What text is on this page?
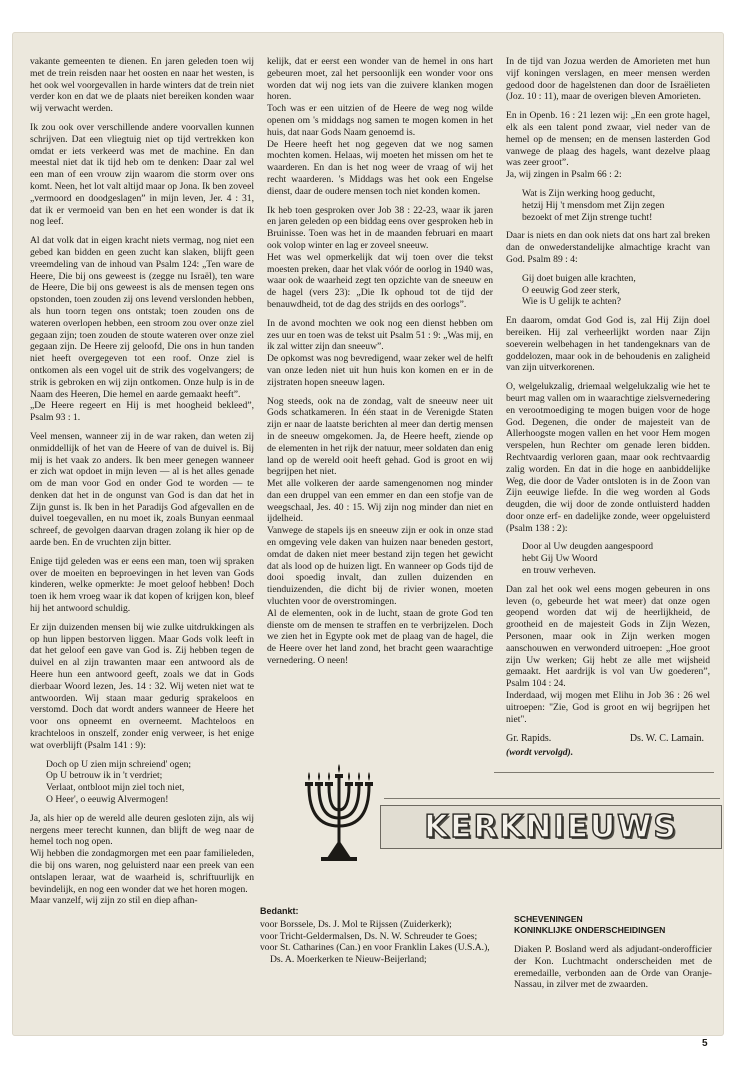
vakante gemeenten te dienen. En jaren geleden toen wij met de trein reisden naar het oosten en naar het westen, is het ook wel voorgevallen in harde winters dat de trein niet verder kon en dat we de plaats niet bereiken konden waar wij verwacht werden.

Ik zou ook over verschillende andere voorvallen kunnen schrijven. Dat een vliegtuig niet op tijd vertrekken kon omdat er iets verkeerd was met de machine. En dan meestal niet dat ik tijd heb om te denken: Daar zal wel een man of een vrouw zijn waarom die storm over ons komt. Neen, het lot valt altijd maar op Jona. Ik ben zoveel „vermoord en doodgeslagen” in mijn leven, Jer. 4 : 31, dat ik er vermoeid van ben en het een wonder is dat ik nog leef.

Al dat volk dat in eigen kracht niets vermag, nog niet een gebed kan bidden en geen zucht kan slaken, blijft geen vreemdeling van de inhoud van Psalm 124: „Ten ware de Heere, Die bij ons geweest is (zegge nu Israël), ten ware de Heere, Die bij ons geweest is als de mensen tegen ons opstonden, toen zouden zij ons levend verslonden hebben, als hun toorn tegen ons ontstak; toen zouden ons de wateren overlopen hebben, een stroom zou over onze ziel gegaan zijn; toen zouden de stoute wateren over onze ziel gegaan zijn. De Heere zij geloofd, Die ons in hun tanden niet heeft overgegeven tot een roof. Onze ziel is ontkomen als een vogel uit de strik des vogelvangers; de strik is gebroken en wij zijn ontkomen. Onze hulp is in de Naam des Heeren, Die hemel en aarde gemaakt heeft”.

„De Heere regeert en Hij is met hoogheid bekleed”, Psalm 93 : 1.

Veel mensen, wanneer zij in de war raken, dan weten zij onmiddellijk of het van de Heere of van de duivel is. Bij mij is het vaak zo anders. Ik ben meer genegen wanneer er zich wat opdoet in mijn leven — al is het alles genade om de man voor God en onder God te worden — te denken dat het in de ongunst van God is dan dat het in Zijn gunst is. Ik ben in het Paradijs God afgevallen en de duivel toegevallen, en nu moet ik, zoals Bunyan eenmaal schreef, de gevolgen daarvan dragen zolang ik hier op de aarde ben. En de vruchten zijn bitter.

Enige tijd geleden was er eens een man, toen wij spraken over de moeiten en beproevingen in het leven van Gods kinderen, welke opmerkte: Je moet geloof hebben! Doch toen ik hem vroeg waar ik dat kopen of krijgen kon, bleef hij het antwoord schuldig.

Er zijn duizenden mensen bij wie zulke uitdrukkingen als op hun lippen bestorven liggen. Maar Gods volk leeft in dat het geloof een gave van God is. Zij hebben tegen de duivel en al zijn trawanten maar een antwoord als de Heere hun een antwoord geeft, zoals we dat in Gods dierbaar Woord lezen, Jes. 14 : 32. Wij weten niet wat te antwoorden. Wij staan maar gedurig sprakeloos en verstomd. Doch dat wordt anders wanneer de Heere het voor ons opneemt en overneemt. Machteloos en krachteloos in onszelf, zonder enig verweer, is het enige wat overblijft (Psalm 141 : 9):

Doch op U zien mijn schreiend' ogen;
Op U betrouw ik in 't verdriet;
Verlaat, ontbloot mijn ziel toch niet,
O Heer', o eeuwig Alvermogen!

Ja, als hier op de wereld alle deuren gesloten zijn, als wij nergens meer terecht kunnen, dan blijft de weg naar de hemel toch nog open.

Wij hebben die zondagmorgen met een paar familieleden, die bij ons waren, nog geluisterd naar een preek van een ontslapen leraar, wat de waarheid is, schriftuurlijk en bevindelijk, en nog een wonder dat we het horen mogen.

Maar vanzelf, wij zijn zo stil en diep afhan-

kelijk, dat er eerst een wonder van de hemel in ons hart gebeuren moet, zal het persoonlijk een wonder voor ons worden dat wij nog iets van die zuivere klanken mogen horen.

Toch was er een uitzien of de Heere de weg nog wilde openen om 's middags nog samen te mogen komen in het huis, dat naar Gods Naam genoemd is.

De Heere heeft het nog gegeven dat we nog samen mochten komen. Helaas, wij moeten het missen om het te waarderen. En dan is het nog weer de vraag of wij het recht waarderen. 's Middags was het ook een Engelse dienst, daar de oudere mensen toch niet konden komen.

Ik heb toen gesproken over Job 38 : 22-23, waar ik jaren en jaren geleden op een biddag eens over gesproken heb in Bruinisse. Toen was het in de maanden februari en maart ook volop winter en lag er zoveel sneeuw.

Het was wel opmerkelijk dat wij toen over die tekst moesten preken, daar het vlak vóór de oorlog in 1940 was, waar ook de waarheid zegt ten opzichte van de sneeuw en de hagel (vers 23): „Die Ik ophoud tot de tijd der benauwdheid, tot de dag des strijds en des oorlogs”.

In de avond mochten we ook nog een dienst hebben om zes uur en toen was de tekst uit Psalm 51 : 9: „Was mij, en ik zal witter zijn dan sneeuw”.

De opkomst was nog bevredigend, waar zeker wel de helft van onze leden niet uit hun huis kon komen en er in de zijstraten hopen sneeuw lagen.

Nog steeds, ook na de zondag, valt de sneeuw neer uit Gods schatkameren. In één staat in de Verenigde Staten zijn er naar de laatste berichten al meer dan dertig mensen in de sneeuw omgekomen. Ja, de Heere heeft, ziende op de elementen in het rijk der natuur, meer soldaten dan enig land op de wereld ooit heeft gehad. God is groot en wij begrijpen het niet.

Met alle volkeren der aarde samengenomen nog minder dan een druppel van een emmer en dan een stofje van de weegschaal, Jes. 40 : 15. Wij zijn nog minder dan niet en ijdelheid.

Vanwege de stapels ijs en sneeuw zijn er ook in onze stad en omgeving vele daken van huizen naar beneden gestort, omdat de daken niet meer bestand zijn tegen het gewicht dat als lood op de huizen ligt. En wanneer op Gods tijd de dooi spoedig invalt, dan zullen duizenden en tienduizenden, die dicht bij de rivier wonen, moeten vluchten voor de overstromingen.

Al de elementen, ook in de lucht, staan de grote God ten dienste om de mensen te straffen en te verbrijzelen. Doch we zien het in Egypte ook met de plaag van de hagel, die de Heere over het land zond, het bracht geen waarachtige vernedering. O neen!

In de tijd van Jozua werden de Amorieten met hun vijf koningen verslagen, en meer mensen werden gedood door de hagelstenen dan door de Israëlieten (Joz. 10 : 11), maar de overigen bleven Amorieten.

En in Openb. 16 : 21 lezen wij: „En een grote hagel, elk als een talent pond zwaar, viel neder van de hemel op de mensen; en de mensen lasterden God vanwege de plaag des hagels, want dezelve plaag was zeer groot”.

Ja, wij zingen in Psalm 66 : 2:

Wat is Zijn werking hoog geducht,
hetzij Hij 't mensdom met Zijn zegen
bezoekt of met Zijn strenge tucht!

Daar is niets en dan ook niets dat ons hart zal breken dan de onwederstandelijke almachtige kracht van God. Psalm 89 : 4:

Gij doet buigen alle krachten,
O eeuwig God zeer sterk,
Wie is U gelijk te achten?

En daarom, omdat God God is, zal Hij Zijn doel bereiken. Hij zal verheerlijkt worden naar Zijn soeverein welbehagen in het tandengeknars van de goddelozen, maar ook in de behoudenis en zaligheid van zijn uitverkorenen.

O, welgelukzalig, driemaal welgelukzalig wie het te beurt mag vallen om in waarachtige zielsvernedering en verootmoediging te mogen buigen voor de hoge God. Degenen, die onder de majesteit van de Allerhoogste mogen vallen en het voor Hem mogen verspelen, hun Rechter om genade leren bidden. Rechtvaardig verloren gaan, maar ook rechtvaardig zalig worden. En dat in die hoge en aanbiddelijke Weg, die door de Vader ontsloten is in de Zoon van Zijn eeuwige liefde. In die weg worden al Gods deugden, die wij door de zonde ontluisterd hadden door onze erf- en dadelijke zonde, weer opgeluisterd (Psalm 138 : 2):

Door al Uw deugden aangespoord
hebt Gij Uw Woord
en trouw verheven.

Dan zal het ook wel eens mogen gebeuren in ons leven (o, gebeurde het wat meer) dat onze ogen geopend worden dat wij de heerlijkheid, de grootheid en de majesteit Gods in Zijn Wezen, Personen, maar ook in Zijn werken mogen aanschouwen en verwonderd uitroepen: „Hoe groot zijn Uw werken; Gij hebt ze alle met wijsheid gemaakt. Het aardrijk is vol van Uw goederen”, Psalm 104 : 24.

Inderdaad, wij mogen met Elihu in Job 36 : 26 wel uitroepen: "Zie, God is groot en wij begrijpen het niet".

Gr. Rapids.	Ds. W. C. Lamain.
(wordt vervolgd).
KERKNIEUWS
Bedankt:
voor Borssele, Ds. J. Mol te Rijssen (Zuiderkerk);
voor Tricht-Geldermalsen, Ds. N. W. Schreuder te Goes;
voor St. Catharines (Can.) en voor Franklin Lakes (U.S.A.), Ds. A. Moerkerken te Nieuw-Beijerland;
SCHEVENINGEN
KONINKLIJKE ONDERSCHEIDINGEN

Diaken P. Bosland werd als adjudant-onderofficier der Kon. Luchtmacht onderscheiden met de eremedaille, verbonden aan de Orde van Oranje-Nassau, in zilver met de zwaarden.

5
